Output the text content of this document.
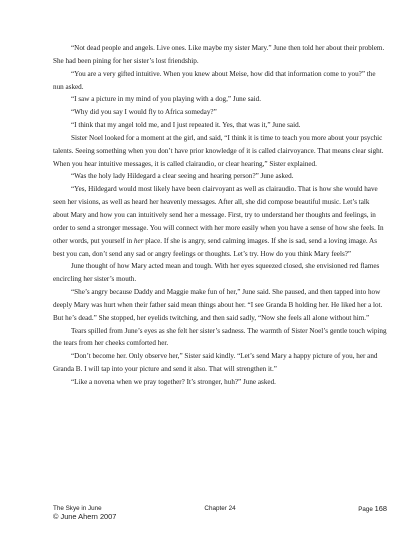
“Not dead people and angels. Live ones. Like maybe my sister Mary.” June then told her about their problem. She had been pining for her sister’s lost friendship.

“You are a very gifted intuitive. When you knew about Meise, how did that information come to you?” the nun asked.

“I saw a picture in my mind of you playing with a dog,” June said.

“Why did you say I would fly to Africa someday?”

“I think that my angel told me, and I just repeated it. Yes, that was it,” June said.

Sister Noel looked for a moment at the girl, and said, “I think it is time to teach you more about your psychic talents. Seeing something when you don’t have prior knowledge of it is called clairvoyance. That means clear sight. When you hear intuitive messages, it is called clairaudio, or clear hearing,” Sister explained.

“Was the holy lady Hildegard a clear seeing and hearing person?” June asked.

“Yes, Hildegard would most likely have been clairvoyant as well as clairaudio. That is how she would have seen her visions, as well as heard her heavenly messages. After all, she did compose beautiful music. Let’s talk about Mary and how you can intuitively send her a message. First, try to understand her thoughts and feelings, in order to send a stronger message. You will connect with her more easily when you have a sense of how she feels. In other words, put yourself in her place. If she is angry, send calming images. If she is sad, send a loving image. As best you can, don’t send any sad or angry feelings or thoughts. Let’s try. How do you think Mary feels?”

June thought of how Mary acted mean and tough. With her eyes squeezed closed, she envisioned red flames encircling her sister’s mouth.

“She’s angry because Daddy and Maggie make fun of her,” June said. She paused, and then tapped into how deeply Mary was hurt when their father said mean things about her. “I see Granda B holding her. He liked her a lot. But he’s dead.” She stopped, her eyelids twitching, and then said sadly, “Now she feels all alone without him.”

Tears spilled from June’s eyes as she felt her sister’s sadness. The warmth of Sister Noel’s gentle touch wiping the tears from her cheeks comforted her.

“Don’t become her. Only observe her,” Sister said kindly. “Let’s send Mary a happy picture of you, her and Granda B. I will tap into your picture and send it also. That will strengthen it.”

“Like a novena when we pray together? It’s stronger, huh?” June asked.

The Skye in June	Chapter 24	Page 168
© June Ahern 2007
